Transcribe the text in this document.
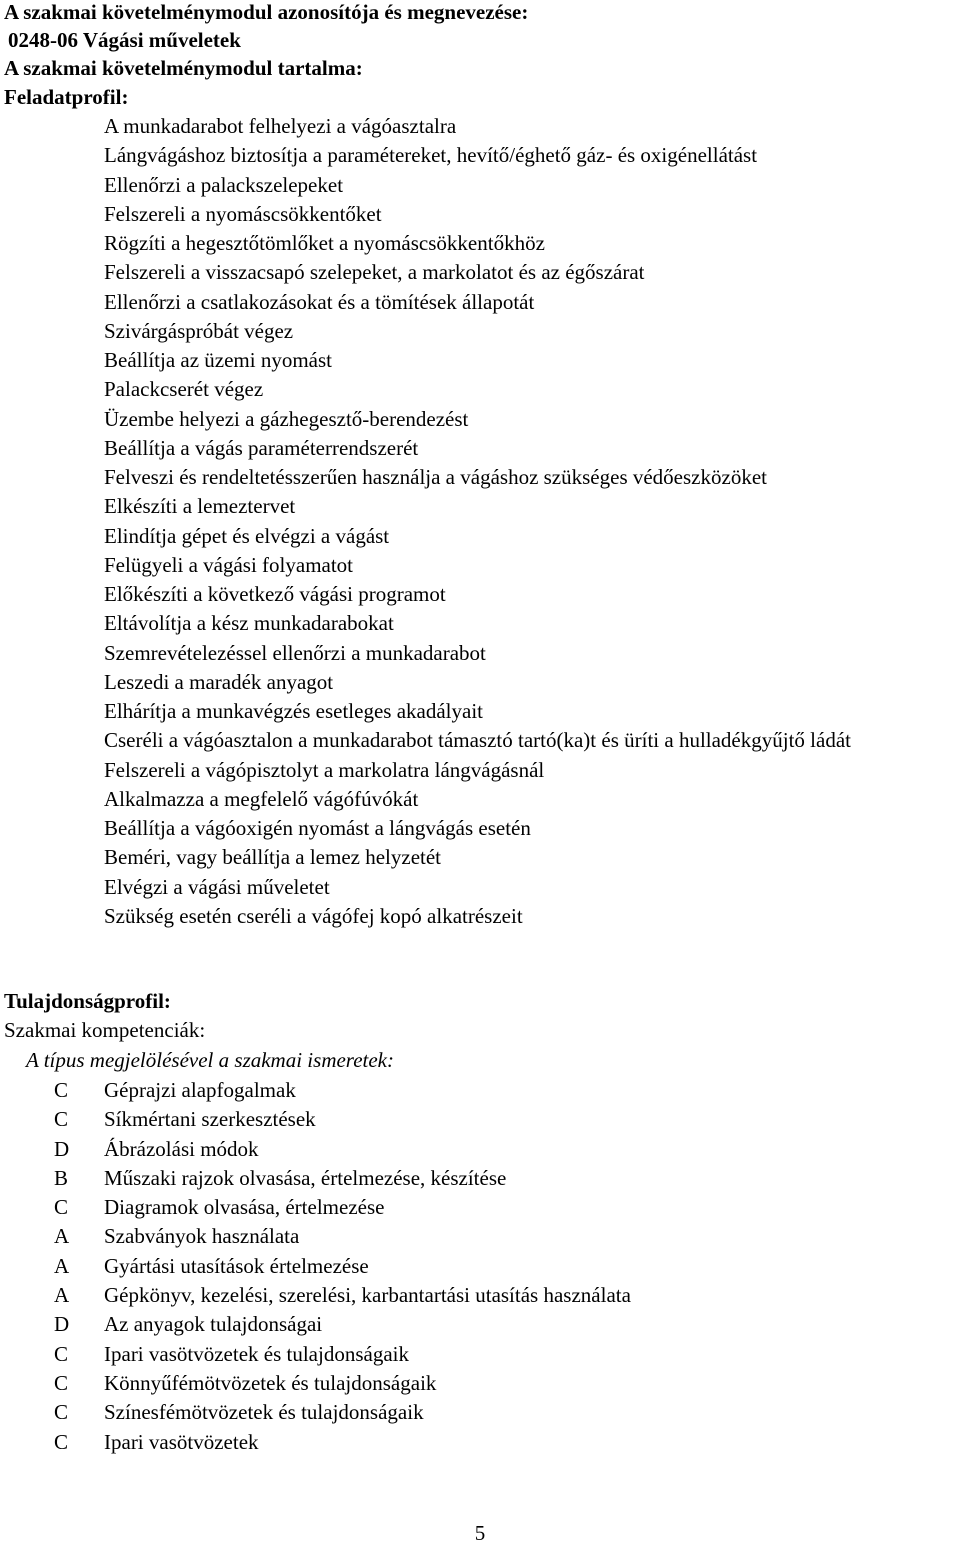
A szakmai követelménymodul azonosítója és megnevezése:
0248-06 Vágási műveletek
A szakmai követelménymodul tartalma:
Feladatprofil:
A munkadarabot felhelyezi a vágóasztalra
Lángvágáshoz biztosítja a paramétereket, hevítő/éghető gáz- és oxigénellátást
Ellenőrzi a palackszelepeket
Felszereli a nyomáscsökkentőket
Rögzíti a hegesztőtömlőket a nyomáscsökkentőkhöz
Felszereli a visszacsapó szelepeket, a markolatot és az égőszárat
Ellenőrzi a csatlakozásokat és a tömítések állapotát
Szivárgáspróbát végez
Beállítja az üzemi nyomást
Palackcserét végez
Üzembe helyezi a gázhegesztő-berendezést
Beállítja a vágás paraméterrendszerét
Felveszi és rendeltetésszerűen használja a vágáshoz szükséges védőeszközöket
Elkészíti a lemeztervet
Elindítja gépet és elvégzi a vágást
Felügyeli a vágási folyamatot
Előkészíti a következő vágási programot
Eltávolítja a kész munkadarabokat
Szemrevételezéssel ellenőrzi a munkadarabot
Leszedi a maradék anyagot
Elhárítja a munkavégzés esetleges akadályait
Cseréli a vágóasztalon a munkadarabot támasztó tartó(ka)t és üríti a hulladékgyűjtő ládát
Felszereli a vágópisztolyt a markolatra lángvágásnál
Alkalmazza a megfelelő vágófúvókát
Beállítja a vágóoxigén nyomást a lángvágás esetén
Beméri, vagy beállítja a lemez helyzetét
Elvégzi a vágási műveletet
Szükség esetén cseréli a vágófej kopó alkatrészeit
Tulajdonságprofil:
Szakmai kompetenciák:
A típus megjelölésével a szakmai ismeretek:
C	Géprajzi alapfogalmak
C	Síkmértani szerkesztések
D	Ábrázolási módok
B	Műszaki rajzok olvasása, értelmezése, készítése
C	Diagramok olvasása, értelmezése
A	Szabványok használata
A	Gyártási utasítások értelmezése
A	Gépkönyv, kezelési, szerelési, karbantartási utasítás használata
D	Az anyagok tulajdonságai
C	Ipari vasötvözetek és tulajdonságaik
C	Könnyűfémötvözetek és tulajdonságaik
C	Színesfémötvözetek és tulajdonságaik
C	Ipari vasötvözetek
5
